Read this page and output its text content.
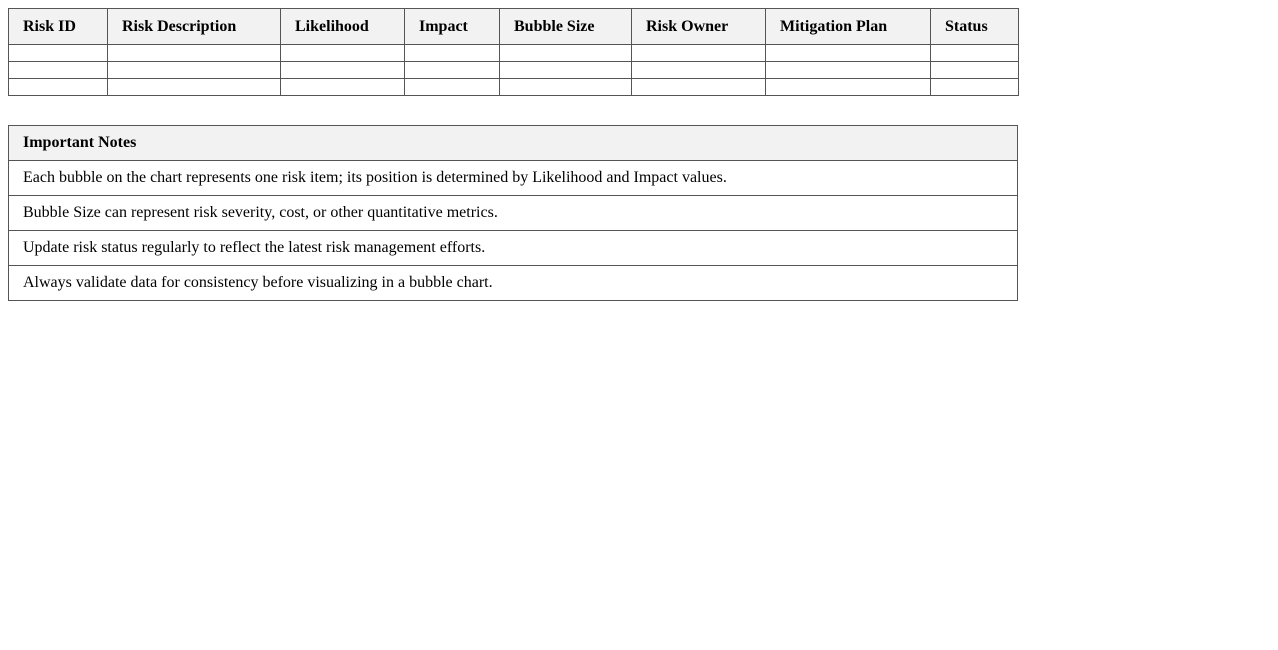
Risk ID	Risk Description	Likelihood	Impact	Bubble Size	Risk Owner	Mitigation Plan	Status

Important Notes
Each bubble on the chart represents one risk item; its position is determined by Likelihood and Impact values.
Bubble Size can represent risk severity, cost, or other quantitative metrics.
Update risk status regularly to reflect the latest risk management efforts.
Always validate data for consistency before visualizing in a bubble chart.
